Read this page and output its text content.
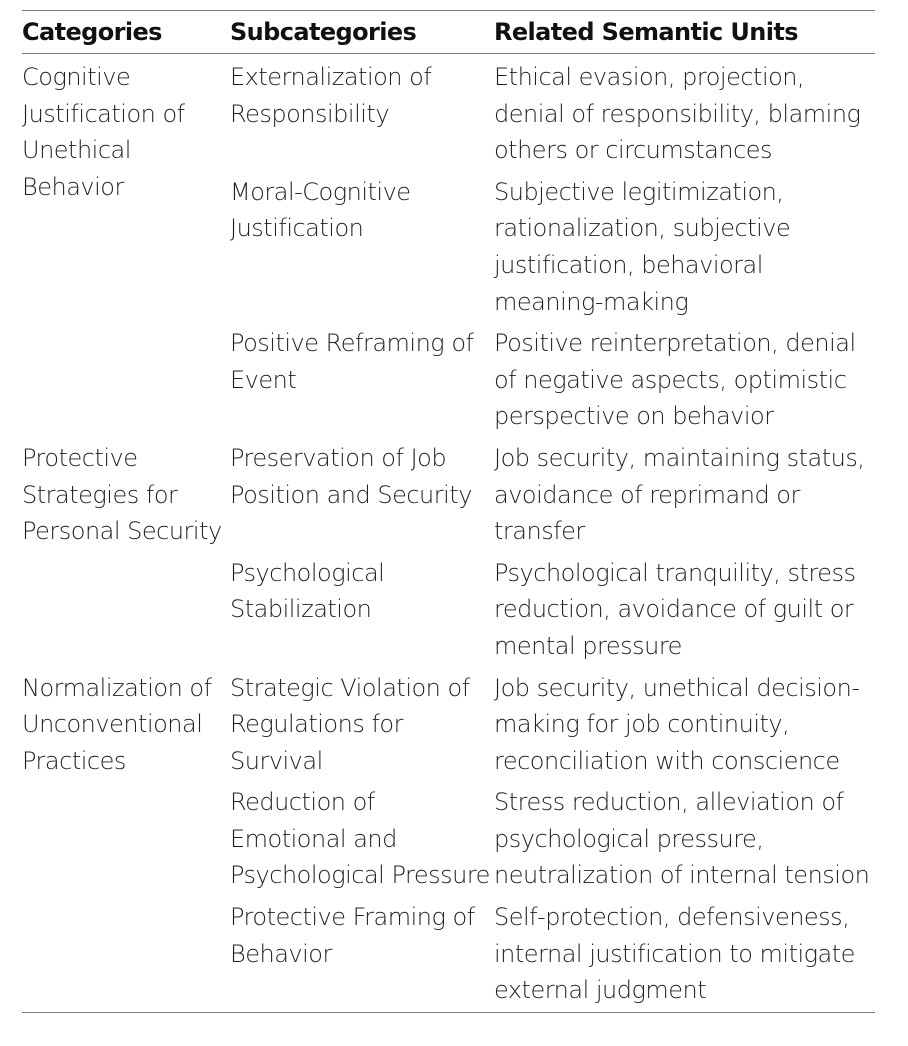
Categories	Subcategories	Related Semantic Units
Cognitive Justification of Unethical Behavior	Externalization of Responsibility	Ethical evasion, projection, denial of responsibility, blaming others or circumstances
	Moral-Cognitive Justification	Subjective legitimization, rationalization, subjective justification, behavioral meaning-making
	Positive Reframing of Event	Positive reinterpretation, denial of negative aspects, optimistic perspective on behavior
Protective Strategies for Personal Security	Preservation of Job Position and Security	Job security, maintaining status, avoidance of reprimand or transfer
	Psychological Stabilization	Psychological tranquility, stress reduction, avoidance of guilt or mental pressure
Normalization of Unconventional Practices	Strategic Violation of Regulations for Survival	Job security, unethical decision-making for job continuity, reconciliation with conscience
	Reduction of Emotional and Psychological Pressure	Stress reduction, alleviation of psychological pressure, neutralization of internal tension
	Protective Framing of Behavior	Self-protection, defensiveness, internal justification to mitigate external judgment
